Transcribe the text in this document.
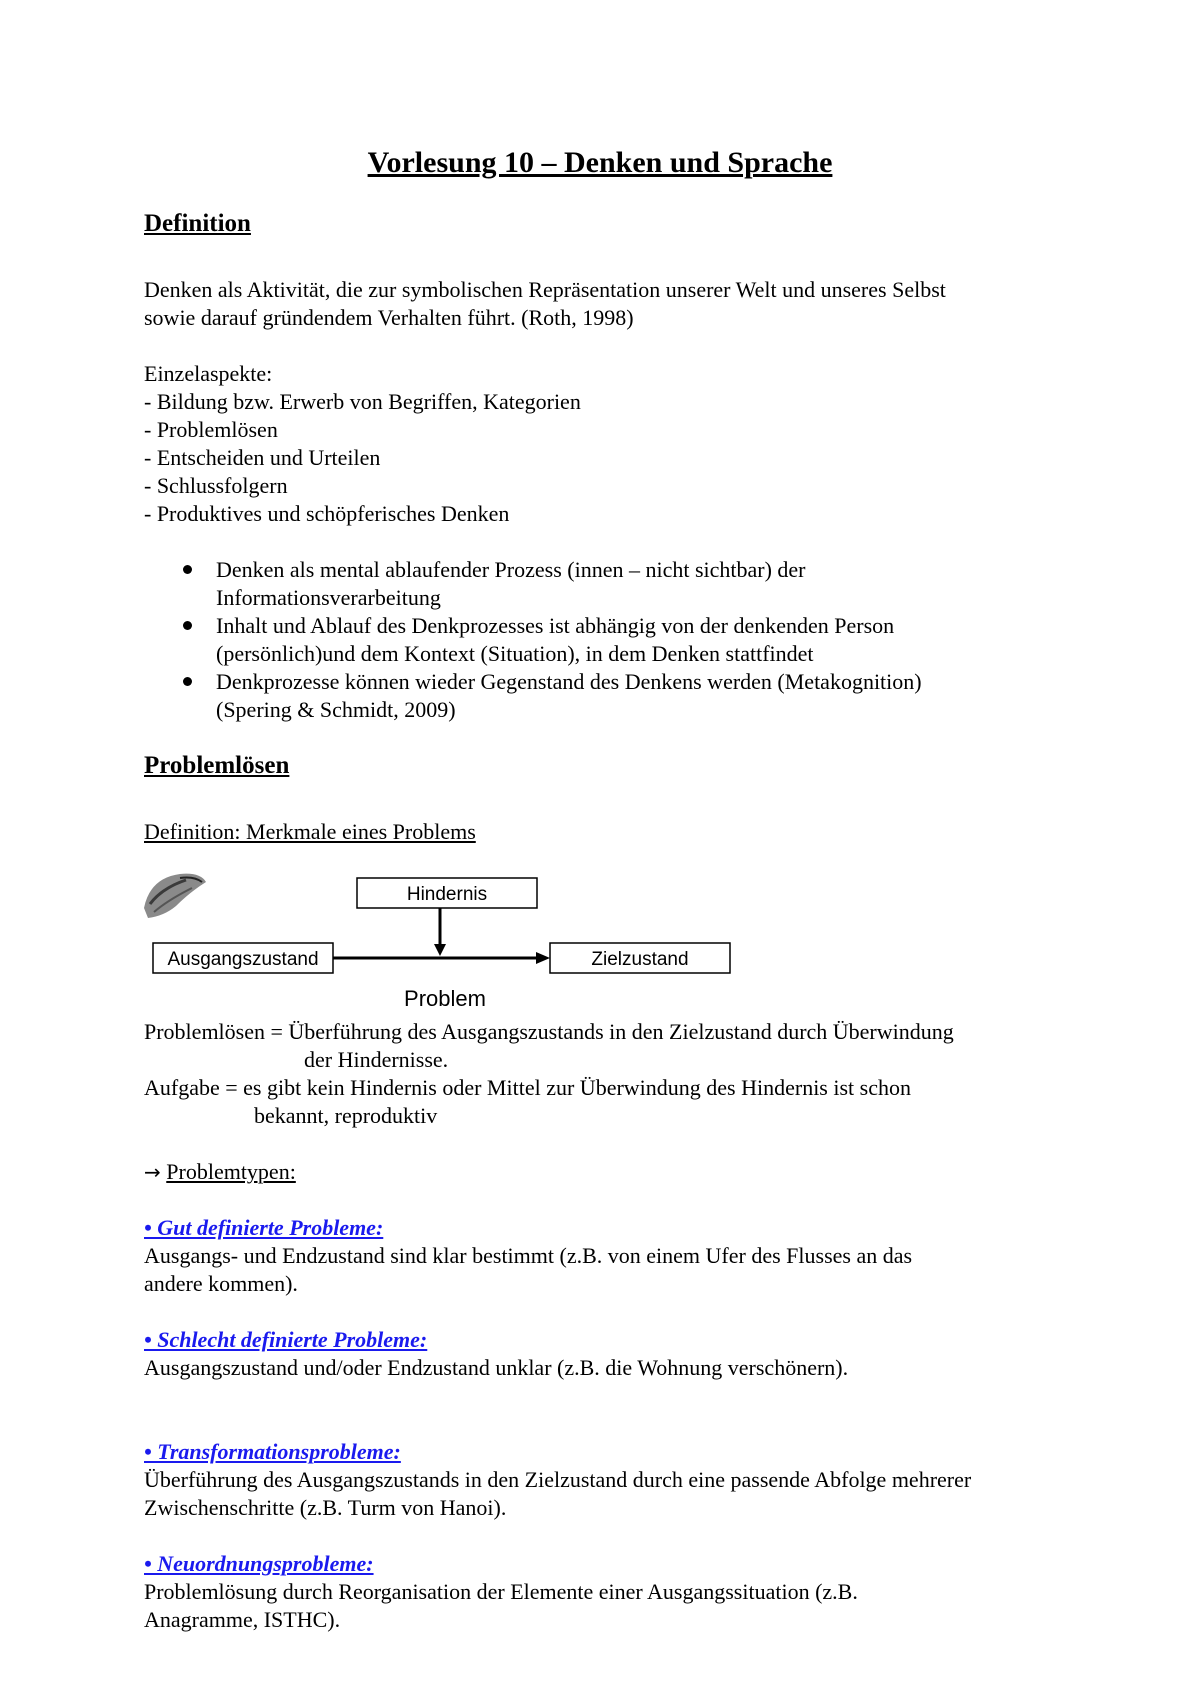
Vorlesung 10 – Denken und Sprache
Definition
Denken als Aktivität, die zur symbolischen Repräsentation unserer Welt und unseres Selbst
sowie darauf gründendem Verhalten führt. (Roth, 1998)
Einzelaspekte:
- Bildung bzw. Erwerb von Begriffen, Kategorien
- Problemlösen
- Entscheiden und Urteilen
- Schlussfolgern
- Produktives und schöpferisches Denken
Denken als mental ablaufender Prozess (innen – nicht sichtbar) der
Informationsverarbeitung
Inhalt und Ablauf des Denkprozesses ist abhängig von der denkenden Person
(persönlich)und dem Kontext (Situation), in dem Denken stattfindet
Denkprozesse können wieder Gegenstand des Denkens werden (Metakognition)
(Spering & Schmidt, 2009)
Problemlösen
Definition: Merkmale eines Problems
Hindernis
Ausgangszustand	Zielzustand
Problem
Problemlösen = Überführung des Ausgangszustands in den Zielzustand durch Überwindung
der Hindernisse.
Aufgabe = es gibt kein Hindernis oder Mittel zur Überwindung des Hindernis ist schon
bekannt, reproduktiv
→ Problemtypen:
• Gut definierte Probleme:
Ausgangs- und Endzustand sind klar bestimmt (z.B. von einem Ufer des Flusses an das
andere kommen).
• Schlecht definierte Probleme:
Ausgangszustand und/oder Endzustand unklar (z.B. die Wohnung verschönern).
• Transformationsprobleme:
Überführung des Ausgangszustands in den Zielzustand durch eine passende Abfolge mehrerer
Zwischenschritte (z.B. Turm von Hanoi).
• Neuordnungsprobleme:
Problemlösung durch Reorganisation der Elemente einer Ausgangssituation (z.B.
Anagramme, ISTHC).
